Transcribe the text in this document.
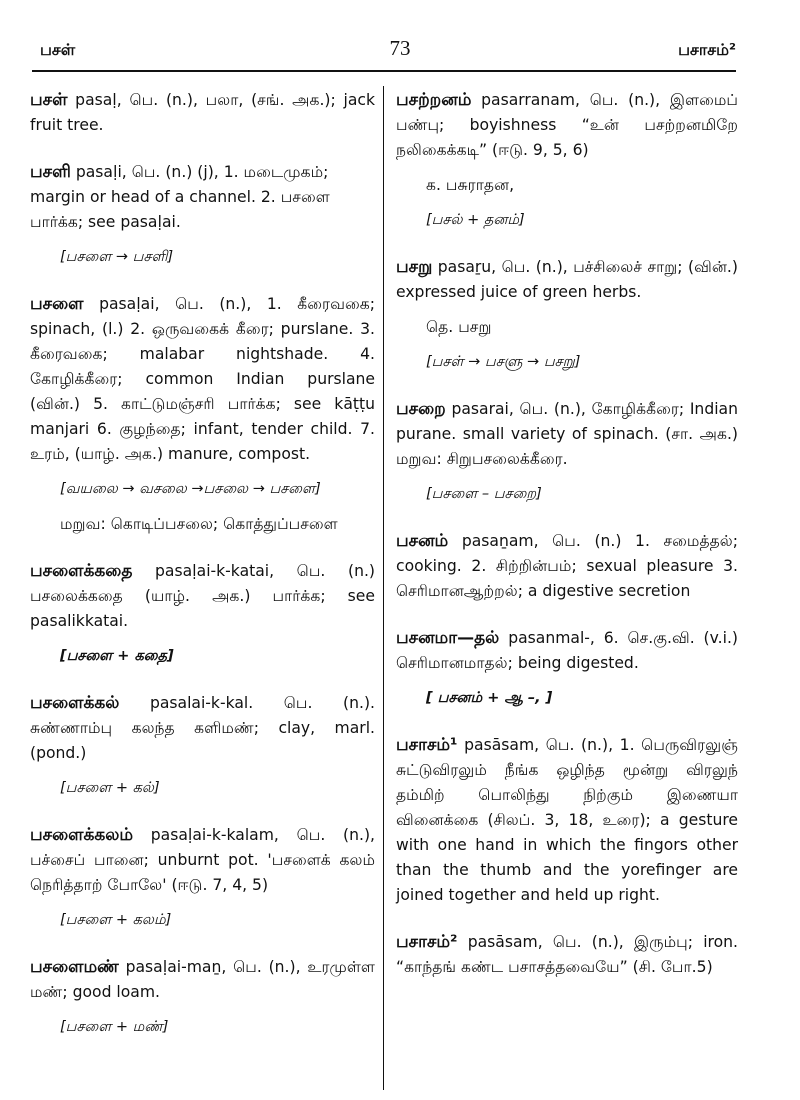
பசள்	73	பசாசம்²
பசள் pasaḷ, பெ. (n.), பலா, (சங். அக.); jack fruit tree.
பசளி pasaḷi, பெ. (n.) (j), 1. மடைமுகம்; margin or head of a channel. 2. பசளை பார்க்க; see pasaḷai.
[பசளை → பசளி]
பசளை pasaḷai, பெ. (n.), 1. கீரைவகை; spinach, (l.) 2. ஒருவகைக் கீரை; purslane. 3. கீரைவகை; malabar nightshade. 4. கோழிக்கீரை; common Indian purslane (வின்.) 5. காட்டுமஞ்சரி பார்க்க; see kāṭṭu manjari 6. குழந்தை; infant, tender child. 7. உரம், (யாழ். அக.) manure, compost.
[வயலை → வசலை →பசலை → பசளை]
மறுவ: கொடிப்பசலை; கொத்துப்பசளை
பசளைக்கதை pasaḷai-k-katai, பெ. (n.) பசலைக்கதை (யாழ். அக.) பார்க்க; see pasalikkatai.
[பசளை + கதை]
பசளைக்கல் pasalai-k-kal. பெ. (n.). சுண்ணாம்பு கலந்த களிமண்; clay, marl. (pond.)
[பசளை + கல்]
பசளைக்கலம் pasaḷai-k-kalam, பெ. (n.), பச்சைப் பானை; unburnt pot. 'பசளைக் கலம் நெரித்தாற் போலே' (ஈடு. 7, 4, 5)
[பசளை + கலம்]
பசளைமண் pasaḷai-maṉ, பெ. (n.), உரமுள்ள மண்; good loam.
[பசளை + மண்]
பசற்றனம் pasarranam, பெ. (n.), இளமைப் பண்பு; boyishness “உன் பசற்றனமிறே நலிகைக்கடி” (ஈடு. 9, 5, 6)
க. பசுராதன,
[பசல் + தனம்]
பசறு pasaṟu, பெ. (n.), பச்சிலைச் சாறு; (வின்.) expressed juice of green herbs.
தெ. பசறு
[பசள் → பசளு → பசறு]
பசறை pasarai, பெ. (n.), கோழிக்கீரை; Indian purane. small variety of spinach. (சா. அக.) மறுவ: சிறுபசலைக்கீரை.
[பசளை – பசறை]
பசனம் pasaṉam, பெ. (n.) 1. சமைத்தல்; cooking. 2. சிற்றின்பம்; sexual pleasure 3. செரிமானஆற்றல்; a digestive secretion
பசனமா—தல் pasanmal-, 6. செ.கு.வி. (v.i.) செரிமானமாதல்; being digested.
[ பசனம் + ஆ –, ]
பசாசம்¹ pasāsam, பெ. (n.), 1. பெருவிரலுஞ் சுட்டுவிரலும் நீங்க ஒழிந்த மூன்று விரலுந் தம்மிற் பொலிந்து நிற்கும் இணையா வினைக்கை (சிலப். 3, 18, உரை); a gesture with one hand in which the fingors other than the thumb and the yorefinger are joined together and held up right.
பசாசம்² pasāsam, பெ. (n.), இரும்பு; iron. “காந்தங் கண்ட பசாசத்தவையே” (சி. போ.5)
